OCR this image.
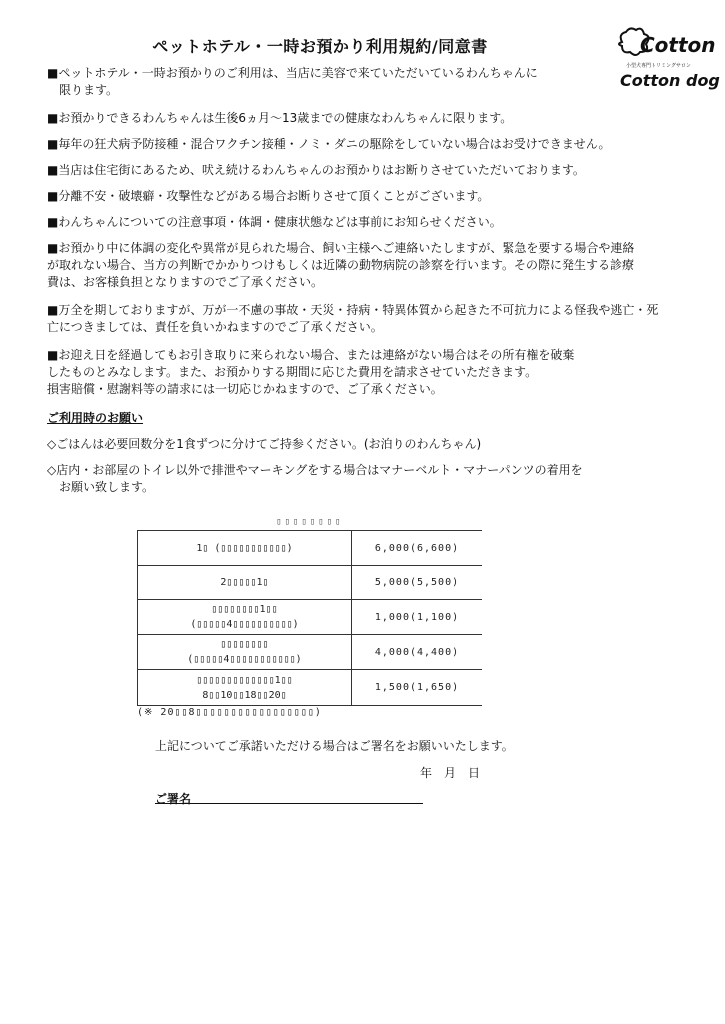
ペットホテル・一時お預かり利用規約/同意書	Cotton
小型犬専門トリミングサロン
Cotton dog
■ペットホテル・一時お預かりのご利用は、当店に美容で来ていただいているわんちゃんに
　限ります。
■お預かりできるわんちゃんは生後6ヵ月～13歳までの健康なわんちゃんに限ります。
■毎年の狂犬病予防接種・混合ワクチン接種・ノミ・ダニの駆除をしていない場合はお受けできません。
■当店は住宅街にあるため、吠え続けるわんちゃんのお預かりはお断りさせていただいております。
■分離不安・破壊癖・攻撃性などがある場合お断りさせて頂くことがございます。
■わんちゃんについての注意事項・体調・健康状態などは事前にお知らせください。
■お預かり中に体調の変化や異常が見られた場合、飼い主様へご連絡いたしますが、緊急を要する場合や連絡
が取れない場合、当方の判断でかかりつけもしくは近隣の動物病院の診察を行います。その際に発生する診療
費は、お客様負担となりますのでご了承ください。
■万全を期しておりますが、万が一不慮の事故・天災・持病・特異体質から起きた不可抗力による怪我や逃亡・死
亡につきましては、責任を負いかねますのでご了承ください。
■お迎え日を経過してもお引き取りに来られない場合、または連絡がない場合はその所有権を破棄
したものとみなします。また、お預かりする期間に応じた費用を請求させていただきます。
損害賠償・慰謝料等の請求には一切応じかねますので、ご了承ください。
ご利用時のお願い
◇ごはんは必要回数分を1食ずつに分けてご持参ください。(お泊りのわんちゃん)
◇店内・お部屋のトイレ以外で排泄やマーキングをする場合はマナーベルト・マナーパンツの着用を
　お願い致します。
▯▯▯▯▯▯▯▯	
1▯ (▯▯▯▯▯▯▯▯▯▯▯)	6,000(6,600)
2▯▯▯▯▯1▯	5,000(5,500)
▯▯▯▯▯▯▯▯1▯▯
(▯▯▯▯▯4▯▯▯▯▯▯▯▯▯▯)	1,000(1,100)
▯▯▯▯▯▯▯▯
(▯▯▯▯▯4▯▯▯▯▯▯▯▯▯▯▯)	4,000(4,400)
▯▯▯▯▯▯▯▯▯▯▯▯▯1▯▯
8▯▯10▯▯18▯▯20▯	1,500(1,650)
(※ 20▯▯8▯▯▯▯▯▯▯▯▯▯▯▯▯▯▯▯▯)
上記についてご承諾いただける場合はご署名をお願いいたします。
年　月　日
ご署名
